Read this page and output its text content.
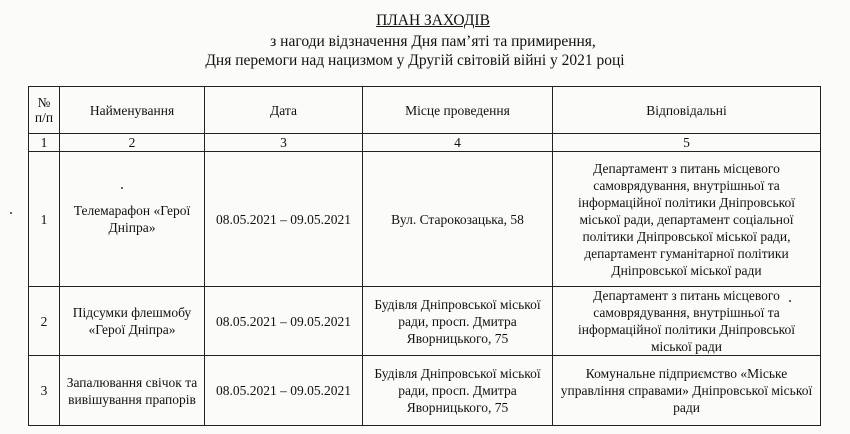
ПЛАН ЗАХОДІВ
з нагоди відзначення Дня пам’яті та примирення,
Дня перемоги над нацизмом у Другій світовій війні у 2021 році
№ п/п	Найменування	Дата	Місце проведення	Відповідальні
1	2	3	4	5
1	Телемарафон «Герої Дніпра»	08.05.2021 – 09.05.2021	Вул. Старокозацька, 58	Департамент з питань місцевого самоврядування, внутрішньої та інформаційної політики Дніпровської міської ради, департамент соціальної політики Дніпровської міської ради, департамент гуманітарної політики Дніпровської міської ради
2	Підсумки флешмобу «Герої Дніпра»	08.05.2021 – 09.05.2021	Будівля Дніпровської міської ради, просп. Дмитра Яворницького, 75	Департамент з питань місцевого самоврядування, внутрішньої та інформаційної політики Дніпровської міської ради
3	Запалювання свічок та вивішування прапорів	08.05.2021 – 09.05.2021	Будівля Дніпровської міської ради, просп. Дмитра Яворницького, 75	Комунальне підприємство «Міське управління справами» Дніпровської міської ради
